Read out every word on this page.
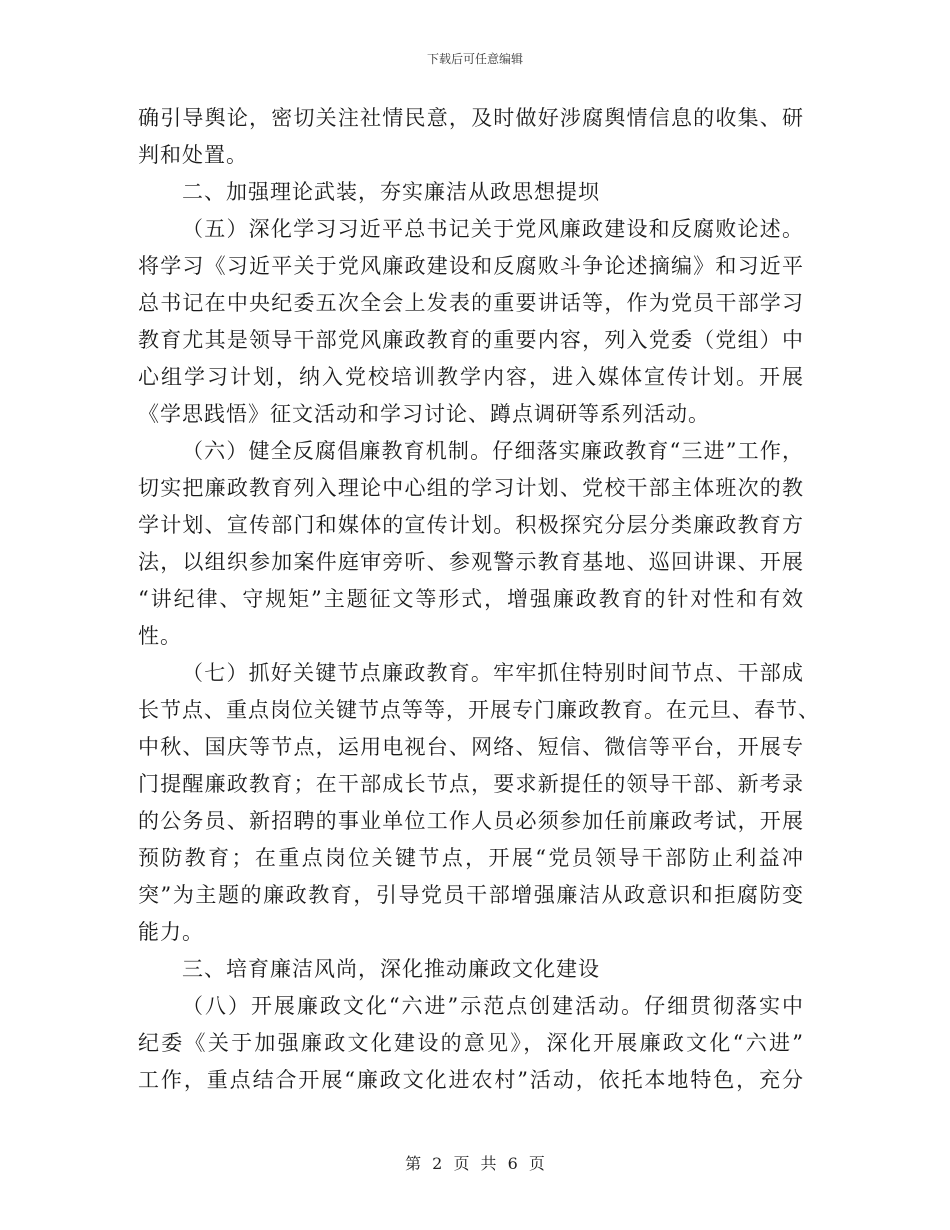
下载后可任意编辑
确引导舆论，密切关注社情民意，及时做好涉腐舆情信息的收集、研
判和处置。
二、加强理论武装，夯实廉洁从政思想提坝
（五）深化学习习近平总书记关于党风廉政建设和反腐败论述。
将学习《习近平关于党风廉政建设和反腐败斗争论述摘编》和习近平
总书记在中央纪委五次全会上发表的重要讲话等，作为党员干部学习
教育尤其是领导干部党风廉政教育的重要内容，列入党委（党组）中
心组学习计划，纳入党校培训教学内容，进入媒体宣传计划。开展
《学思践悟》征文活动和学习讨论、蹲点调研等系列活动。
（六）健全反腐倡廉教育机制。仔细落实廉政教育“三进”工作，
切实把廉政教育列入理论中心组的学习计划、党校干部主体班次的教
学计划、宣传部门和媒体的宣传计划。积极探究分层分类廉政教育方
法，以组织参加案件庭审旁听、参观警示教育基地、巡回讲课、开展
“讲纪律、守规矩”主题征文等形式，增强廉政教育的针对性和有效
性。
（七）抓好关键节点廉政教育。牢牢抓住特别时间节点、干部成
长节点、重点岗位关键节点等等，开展专门廉政教育。在元旦、春节、
中秋、国庆等节点，运用电视台、网络、短信、微信等平台，开展专
门提醒廉政教育；在干部成长节点，要求新提任的领导干部、新考录
的公务员、新招聘的事业单位工作人员必须参加任前廉政考试，开展
预防教育；在重点岗位关键节点，开展“党员领导干部防止利益冲
突”为主题的廉政教育，引导党员干部增强廉洁从政意识和拒腐防变
能力。
三、培育廉洁风尚，深化推动廉政文化建设
（八）开展廉政文化“六进”示范点创建活动。仔细贯彻落实中
纪委《关于加强廉政文化建设的意见》，深化开展廉政文化“六进”
工作，重点结合开展“廉政文化进农村”活动，依托本地特色，充分
第 2 页 共 6 页
